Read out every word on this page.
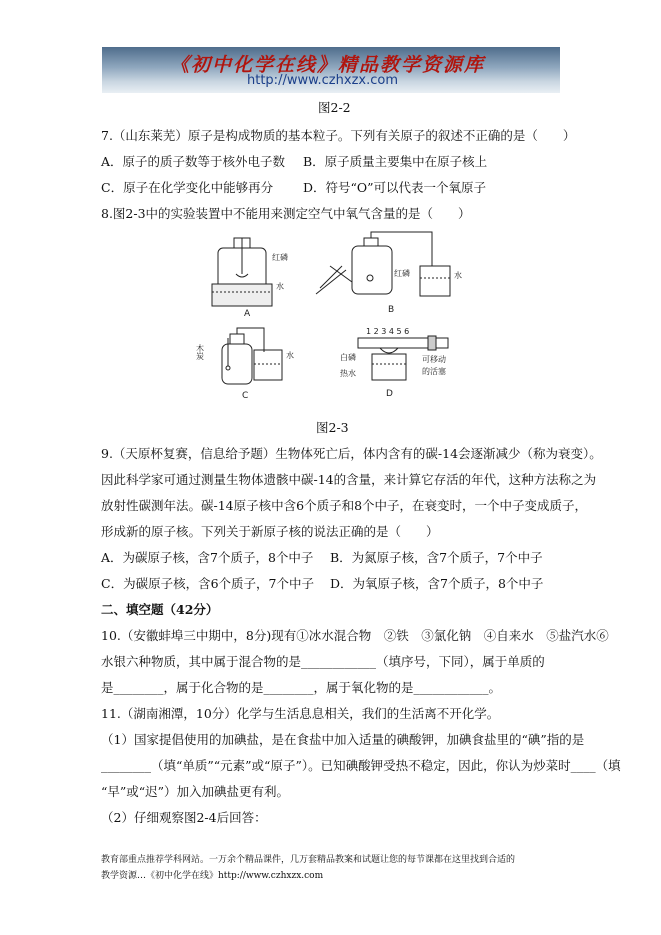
《初中化学在线》精品教学资源库
http://www.czhxzx.com
图2-2
7.（山东莱芜）原子是构成物质的基本粒子。下列有关原子的叙述不正确的是（　　）
A．原子的质子数等于核外电子数 B．原子质量主要集中在原子核上
C．原子在化学变化中能够再分 D．符号“O”可以代表一个氧原子
8.图2-3中的实验装置中不能用来测定空气中氧气含量的是（　　）
红磷
水
A
红磷	水
B
木炭	水
C
1 2 3 4 5 6
白磷
热水
可移动
的活塞
D
图2-3
9.（天原杯复赛，信息给予题）生物体死亡后，体内含有的碳-14会逐渐减少（称为衰变）。
因此科学家可通过测量生物体遗骸中碳-14的含量，来计算它存活的年代，这种方法称之为
放射性碳测年法。碳-14原子核中含6个质子和8个中子，在衰变时，一个中子变成质子，
形成新的原子核。下列关于新原子核的说法正确的是（　　）
A．为碳原子核，含7个质子，8个中子 B．为氮原子核，含7个质子，7个中子
C．为碳原子核，含6个质子，7个中子 D．为氧原子核，含7个质子，8个中子
二、填空题（42分）
10.（安徽蚌埠三中期中，8分)现有①冰水混合物　②铁　③氯化钠　④自来水　⑤盐汽水⑥
水银六种物质，其中属于混合物的是____________（填序号，下同），属于单质的
是________，属于化合物的是________，属于氧化物的是____________。
11.（湖南湘潭，10分）化学与生活息息相关，我们的生活离不开化学。
（1）国家提倡使用的加碘盐，是在食盐中加入适量的碘酸钾，加碘食盐里的“碘”指的是
________（填“单质”“元素”或“原子”）。已知碘酸钾受热不稳定，因此，你认为炒菜时____（填
“早”或“迟”）加入加碘盐更有利。
（2）仔细观察图2-4后回答：
教育部重点推荐学科网站。一万余个精品课件，几万套精品教案和试题让您的每节课都在这里找到合适的
教学资源…《初中化学在线》http://www.czhxzx.com
